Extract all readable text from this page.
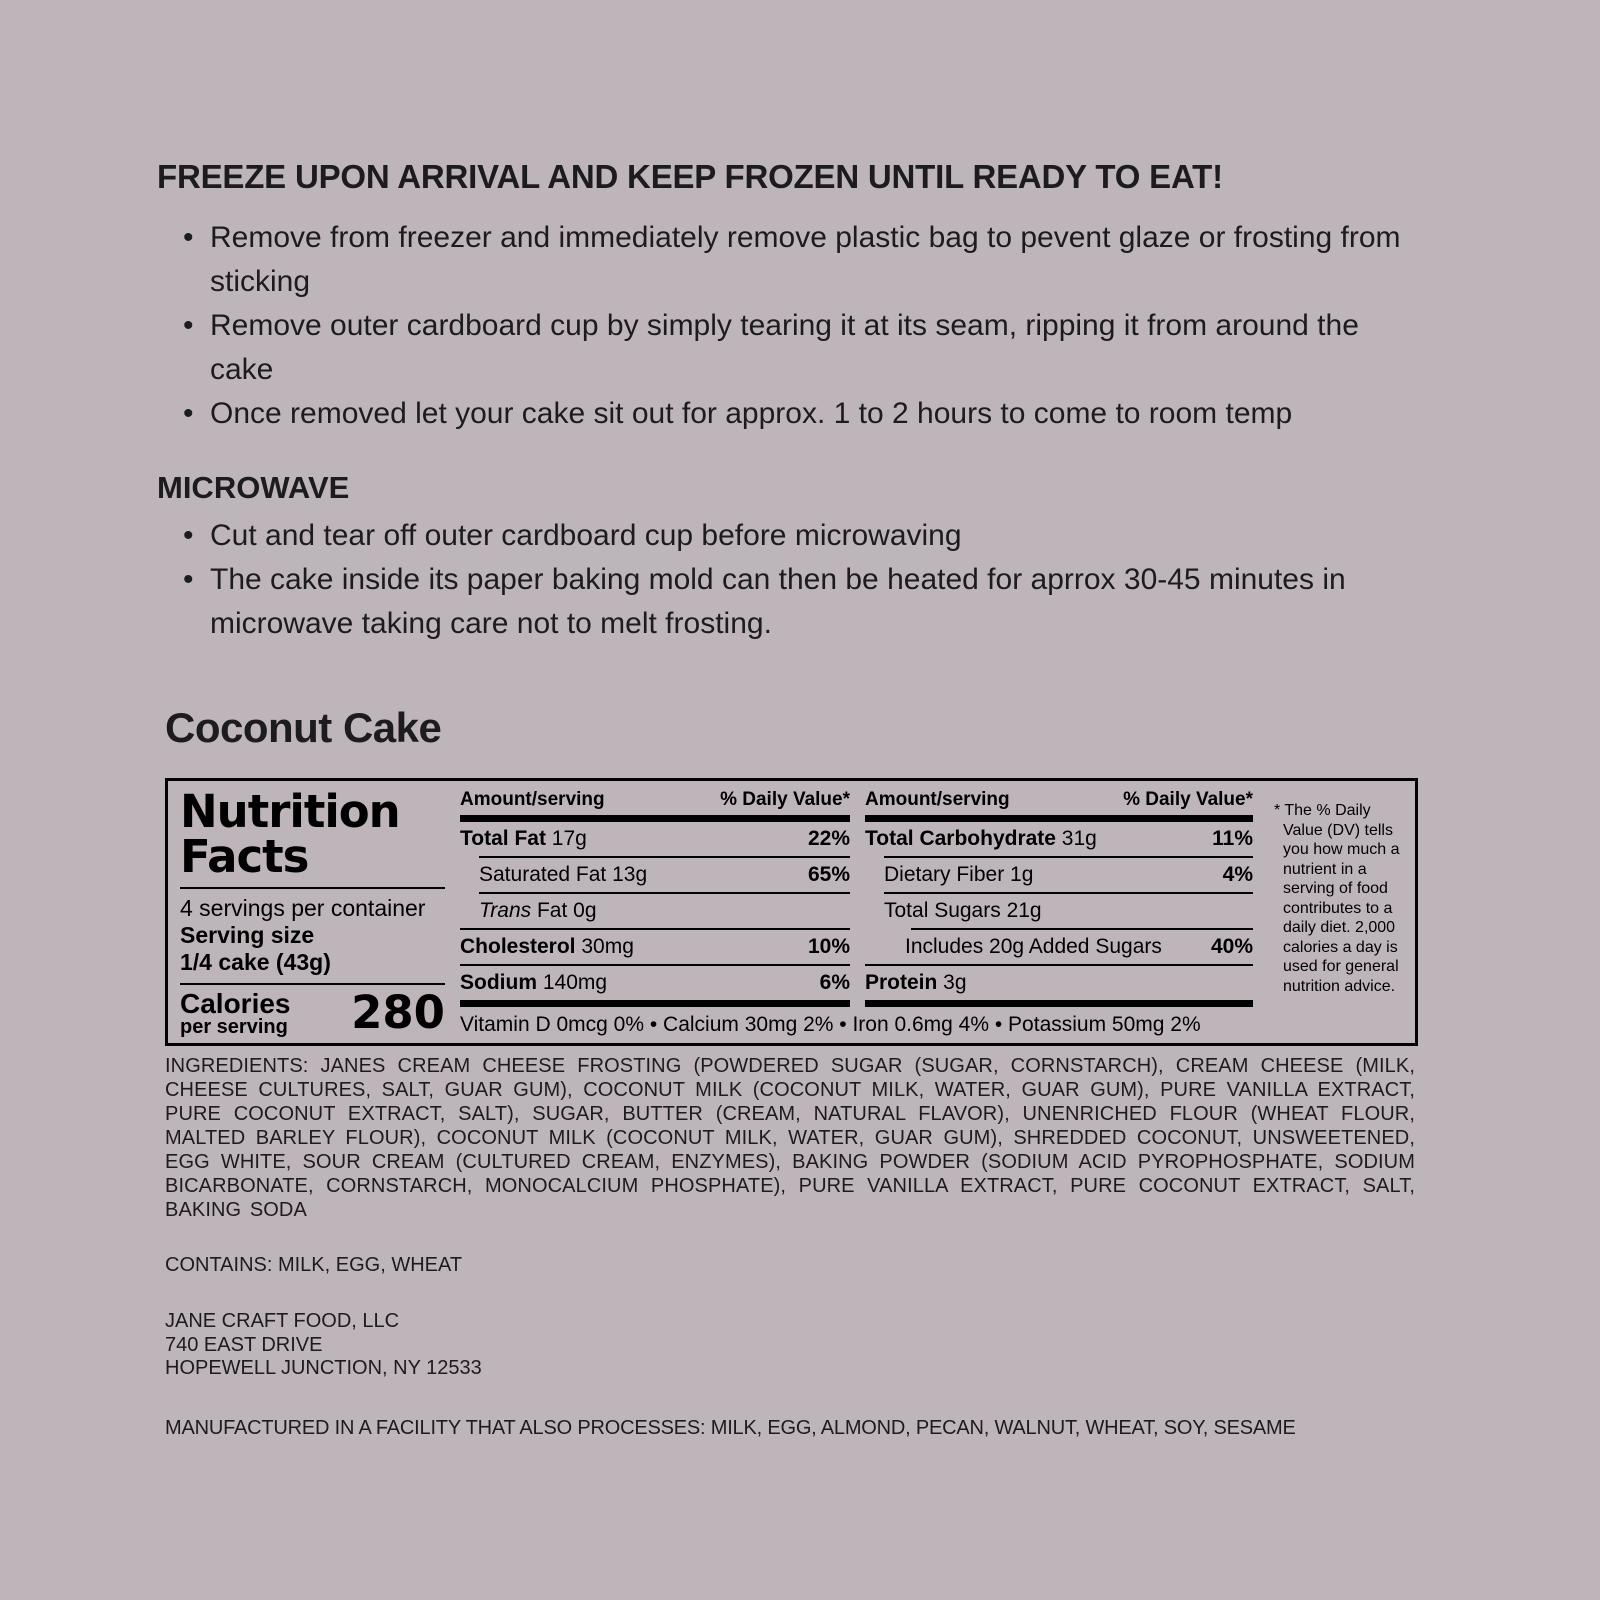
FREEZE UPON ARRIVAL AND KEEP FROZEN UNTIL READY TO EAT!
• Remove from freezer and immediately remove plastic bag to pevent glaze or frosting from sticking
• Remove outer cardboard cup by simply tearing it at its seam, ripping it from around the cake
• Once removed let your cake sit out for approx. 1 to 2 hours to come to room temp
MICROWAVE
• Cut and tear off outer cardboard cup before microwaving
• The cake inside its paper baking mold can then be heated for aprrox 30-45 minutes in microwave taking care not to melt frosting.
Coconut Cake
Nutrition
Facts
4 servings per container
Serving size
1/4 cake (43g)
Calories
per serving 280
Amount/serving	% Daily Value*
Total Fat 17g	22%
Saturated Fat 13g	65%
Trans Fat 0g
Cholesterol 30mg	10%
Sodium 140mg	6%
Amount/serving	% Daily Value*
Total Carbohydrate 31g	11%
Dietary Fiber 1g	4%
Total Sugars 21g
Includes 20g Added Sugars 40%
Protein 3g
Vitamin D 0mcg 0% • Calcium 30mg 2% • Iron 0.6mg 4% • Potassium 50mg 2%
* The % Daily Value (DV) tells you how much a nutrient in a serving of food contributes to a daily diet. 2,000 calories a day is used for general nutrition advice.

INGREDIENTS: JANES CREAM CHEESE FROSTING (POWDERED SUGAR (SUGAR, CORNSTARCH), CREAM CHEESE (MILK, CHEESE CULTURES, SALT, GUAR GUM), COCONUT MILK (COCONUT MILK, WATER, GUAR GUM), PURE VANILLA EXTRACT, PURE COCONUT EXTRACT, SALT), SUGAR, BUTTER (CREAM, NATURAL FLAVOR), UNENRICHED FLOUR (WHEAT FLOUR, MALTED BARLEY FLOUR), COCONUT MILK (COCONUT MILK, WATER, GUAR GUM), SHREDDED COCONUT, UNSWEETENED, EGG WHITE, SOUR CREAM (CULTURED CREAM, ENZYMES), BAKING POWDER (SODIUM ACID PYROPHOSPHATE, SODIUM BICARBONATE, CORNSTARCH, MONOCALCIUM PHOSPHATE), PURE VANILLA EXTRACT, PURE COCONUT EXTRACT, SALT, BAKING SODA

CONTAINS: MILK, EGG, WHEAT

JANE CRAFT FOOD, LLC
740 EAST DRIVE
HOPEWELL JUNCTION, NY 12533

MANUFACTURED IN A FACILITY THAT ALSO PROCESSES: MILK, EGG, ALMOND, PECAN, WALNUT, WHEAT, SOY, SESAME
